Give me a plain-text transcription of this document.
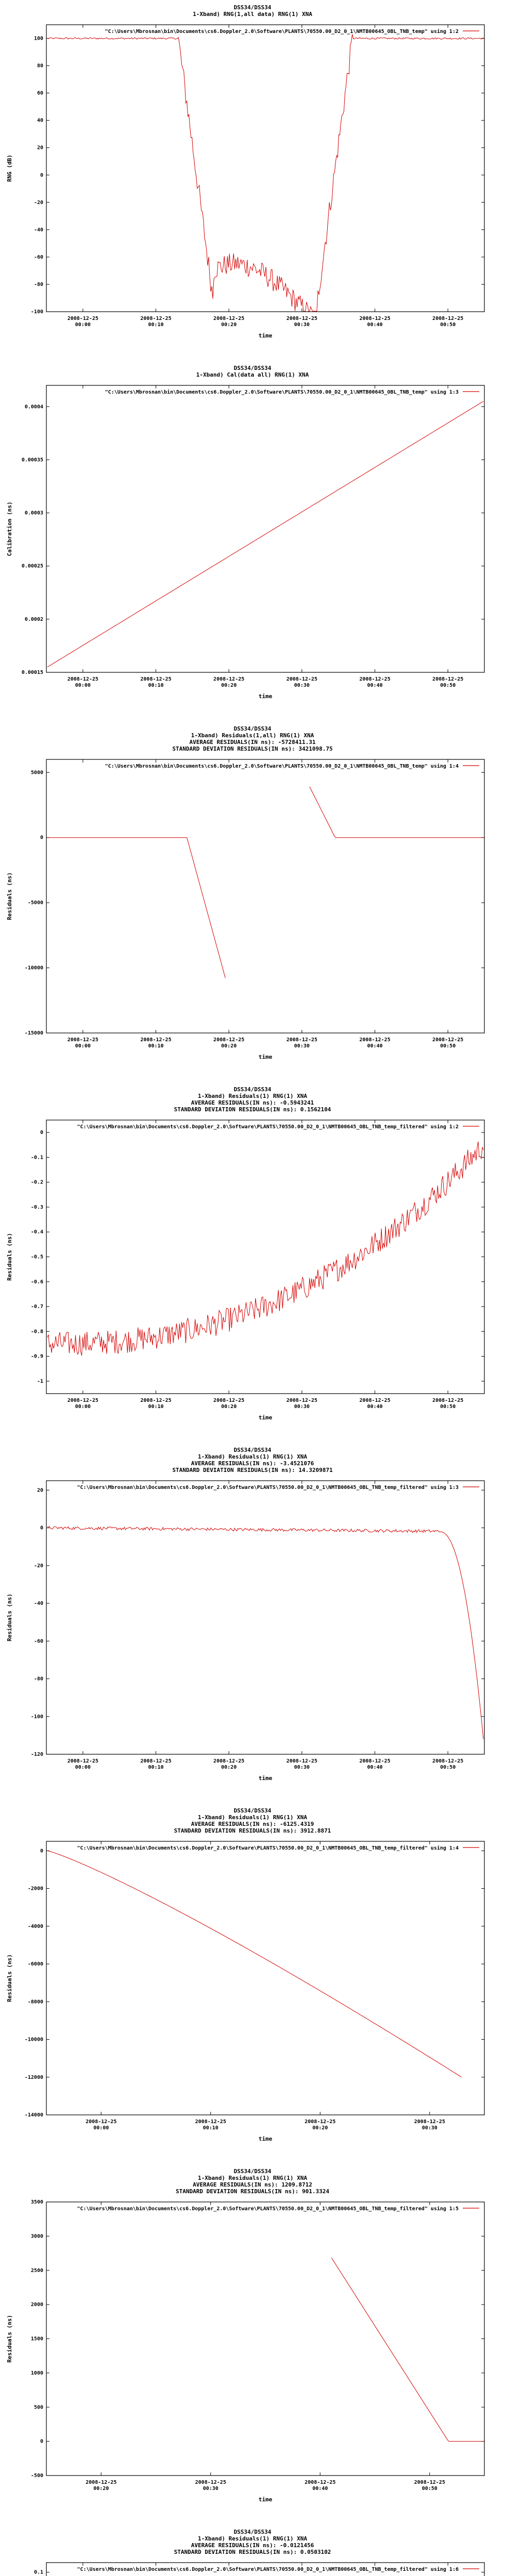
DSS34/DSS34
1-Xband) RNG(1,all data) RNG(1) XNA
-100
-80
-60
-40
-20
0
20
40
60
80
100
2008-12-25 00:00
2008-12-25 00:10
2008-12-25 00:20
2008-12-25 00:30
2008-12-25 00:40
2008-12-25 00:50
time
RNG (dB)
"C:\Users\Mbrosnan\bin\Documents\cs6.Doppler_2.0\Software\PLANTS\70550.00_D2_0_1\NMTB00645_OBL_TNB_temp" using 1:2
DSS34/DSS34
1-Xband) Cal(data all) RNG(1) XNA
0.00015
0.0002
0.00025
0.0003
0.00035
0.0004
2008-12-25 00:00
2008-12-25 00:10
2008-12-25 00:20
2008-12-25 00:30
2008-12-25 00:40
2008-12-25 00:50
time
Calibration (ns)
"C:\Users\Mbrosnan\bin\Documents\cs6.Doppler_2.0\Software\PLANTS\70550.00_D2_0_1\NMTB00645_OBL_TNB_temp" using 1:3
DSS34/DSS34
1-Xband) Residuals(1,all) RNG(1) XNA
AVERAGE RESIDUALS(IN ns): -5728411.31
STANDARD DEVIATION RESIDUALS(IN ns): 3421098.75
-15000
-10000
-5000
0
5000
2008-12-25 00:00
2008-12-25 00:10
2008-12-25 00:20
2008-12-25 00:30
2008-12-25 00:40
2008-12-25 00:50
time
Residuals (ns)
"C:\Users\Mbrosnan\bin\Documents\cs6.Doppler_2.0\Software\PLANTS\70550.00_D2_0_1\NMTB00645_OBL_TNB_temp" using 1:4
DSS34/DSS34
1-Xband) Residuals(1) RNG(1) XNA
AVERAGE RESIDUALS(IN ns): -0.5943241
STANDARD DEVIATION RESIDUALS(IN ns): 0.1562104
-1
-0.9
-0.8
-0.7
-0.6
-0.5
-0.4
-0.3
-0.2
-0.1
0
2008-12-25 00:00
2008-12-25 00:10
2008-12-25 00:20
2008-12-25 00:30
2008-12-25 00:40
2008-12-25 00:50
time
Residuals (ns)
"C:\Users\Mbrosnan\bin\Documents\cs6.Doppler_2.0\Software\PLANTS\70550.00_D2_0_1\NMTB00645_OBL_TNB_temp_filtered" using 1:2
DSS34/DSS34
1-Xband) Residuals(1) RNG(1) XNA
AVERAGE RESIDUALS(IN ns): -3.4521076
STANDARD DEVIATION RESIDUALS(IN ns): 14.3209871
-120
-100
-80
-60
-40
-20
0
20
2008-12-25 00:00
2008-12-25 00:10
2008-12-25 00:20
2008-12-25 00:30
2008-12-25 00:40
2008-12-25 00:50
time
Residuals (ns)
"C:\Users\Mbrosnan\bin\Documents\cs6.Doppler_2.0\Software\PLANTS\70550.00_D2_0_1\NMTB00645_OBL_TNB_temp_filtered" using 1:3
DSS34/DSS34
1-Xband) Residuals(1) RNG(1) XNA
AVERAGE RESIDUALS(IN ns): -6125.4319
STANDARD DEVIATION RESIDUALS(IN ns): 3912.8871
-14000
-12000
-10000
-8000
-6000
-4000
-2000
0
2008-12-25 00:00
2008-12-25 00:10
2008-12-25 00:20
2008-12-25 00:30
time
Residuals (ns)
"C:\Users\Mbrosnan\bin\Documents\cs6.Doppler_2.0\Software\PLANTS\70550.00_D2_0_1\NMTB00645_OBL_TNB_temp_filtered" using 1:4
DSS34/DSS34
1-Xband) Residuals(1) RNG(1) XNA
AVERAGE RESIDUALS(IN ns): 1209.8712
STANDARD DEVIATION RESIDUALS(IN ns): 901.3324
-500
0
500
1000
1500
2000
2500
3000
3500
2008-12-25 00:20
2008-12-25 00:30
2008-12-25 00:40
2008-12-25 00:50
time
Residuals (ns)
"C:\Users\Mbrosnan\bin\Documents\cs6.Doppler_2.0\Software\PLANTS\70550.00_D2_0_1\NMTB00645_OBL_TNB_temp_filtered" using 1:5
DSS34/DSS34
1-Xband) Residuals(1) RNG(1) XNA
AVERAGE RESIDUALS(IN ns): -0.0121456
STANDARD DEVIATION RESIDUALS(IN ns): 0.0503102
0.1
"C:\Users\Mbrosnan\bin\Documents\cs6.Doppler_2.0\Software\PLANTS\70550.00_D2_0_1\NMTB00645_OBL_TNB_temp_filtered" using 1:6
